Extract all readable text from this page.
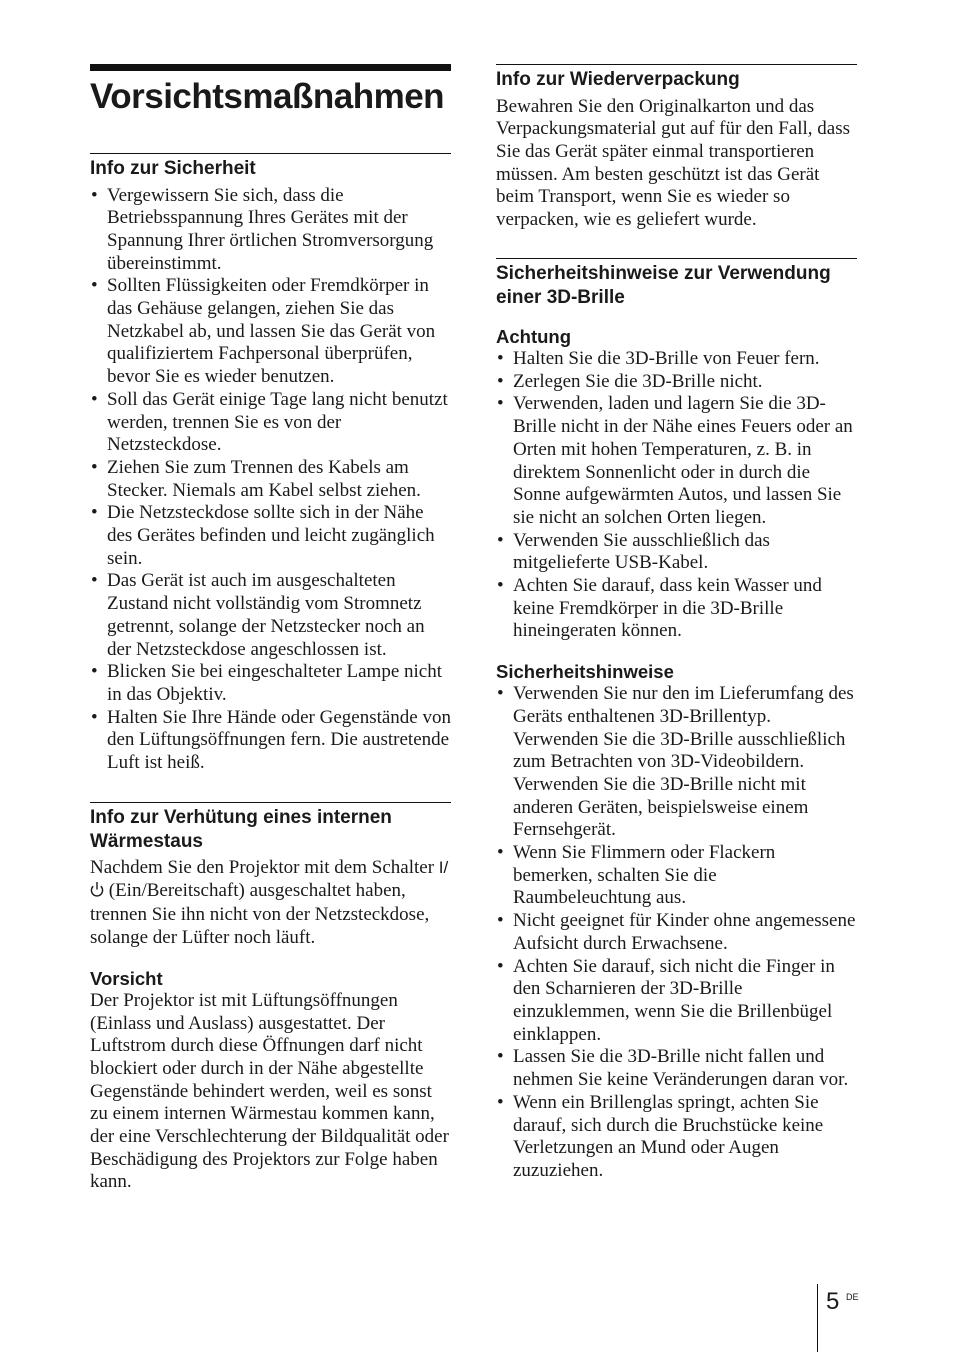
Vorsichtsmaßnahmen
Info zur Sicherheit
• Vergewissern Sie sich, dass die Betriebsspannung Ihres Gerätes mit der Spannung Ihrer örtlichen Stromversorgung übereinstimmt.
• Sollten Flüssigkeiten oder Fremdkörper in das Gehäuse gelangen, ziehen Sie das Netzkabel ab, und lassen Sie das Gerät von qualifiziertem Fachpersonal überprüfen, bevor Sie es wieder benutzen.
• Soll das Gerät einige Tage lang nicht benutzt werden, trennen Sie es von der Netzsteckdose.
• Ziehen Sie zum Trennen des Kabels am Stecker. Niemals am Kabel selbst ziehen.
• Die Netzsteckdose sollte sich in der Nähe des Gerätes befinden und leicht zugänglich sein.
• Das Gerät ist auch im ausgeschalteten Zustand nicht vollständig vom Stromnetz getrennt, solange der Netzstecker noch an der Netzsteckdose angeschlossen ist.
• Blicken Sie bei eingeschalteter Lampe nicht in das Objektiv.
• Halten Sie Ihre Hände oder Gegenstände von den Lüftungsöffnungen fern. Die austretende Luft ist heiß.
Info zur Verhütung eines internen Wärmestaus

Nachdem Sie den Projektor mit dem Schalter I/ (Ein/Bereitschaft) ausgeschaltet haben, trennen Sie ihn nicht von der Netzsteckdose, solange der Lüfter noch läuft.

Vorsicht

Der Projektor ist mit Lüftungsöffnungen (Einlass und Auslass) ausgestattet. Der Luftstrom durch diese Öffnungen darf nicht blockiert oder durch in der Nähe abgestellte Gegenstände behindert werden, weil es sonst zu einem internen Wärmestau kommen kann, der eine Verschlechterung der Bildqualität oder Beschädigung des Projektors zur Folge haben kann.

Info zur Wiederverpackung

Bewahren Sie den Originalkarton und das Verpackungsmaterial gut auf für den Fall, dass Sie das Gerät später einmal transportieren müssen. Am besten geschützt ist das Gerät beim Transport, wenn Sie es wieder so verpacken, wie es geliefert wurde.

Sicherheitshinweise zur Verwendung einer 3D-Brille
Achtung
• Halten Sie die 3D-Brille von Feuer fern.
• Zerlegen Sie die 3D-Brille nicht.
• Verwenden, laden und lagern Sie die 3D-Brille nicht in der Nähe eines Feuers oder an Orten mit hohen Temperaturen, z. B. in direktem Sonnenlicht oder in durch die Sonne aufgewärmten Autos, und lassen Sie sie nicht an solchen Orten liegen.
• Verwenden Sie ausschließlich das mitgelieferte USB-Kabel.
• Achten Sie darauf, dass kein Wasser und keine Fremdkörper in die 3D-Brille hineingeraten können.
Sicherheitshinweise
• Verwenden Sie nur den im Lieferumfang des Geräts enthaltenen 3D-Brillentyp. Verwenden Sie die 3D-Brille ausschließlich zum Betrachten von 3D-Videobildern. Verwenden Sie die 3D-Brille nicht mit anderen Geräten, beispielsweise einem Fernsehgerät.
• Wenn Sie Flimmern oder Flackern bemerken, schalten Sie die Raumbeleuchtung aus.
• Nicht geeignet für Kinder ohne angemessene Aufsicht durch Erwachsene.
• Achten Sie darauf, sich nicht die Finger in den Scharnieren der 3D-Brille einzuklemmen, wenn Sie die Brillenbügel einklappen.
• Lassen Sie die 3D-Brille nicht fallen und nehmen Sie keine Veränderungen daran vor.
• Wenn ein Brillenglas springt, achten Sie darauf, sich durch die Bruchstücke keine Verletzungen an Mund oder Augen zuzuziehen.
5 DE
